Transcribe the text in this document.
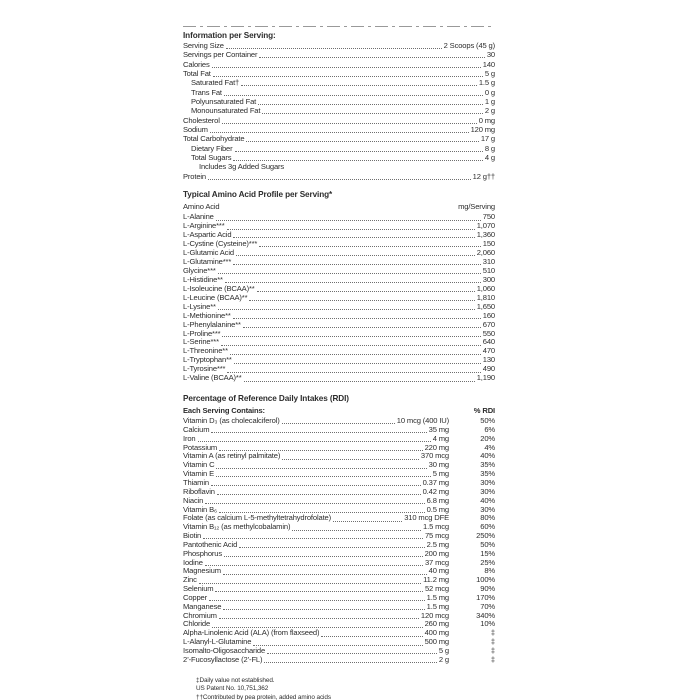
Information per Serving:
Serving Size	2 Scoops (45 g)
Servings per Container	30
Calories	140
Total Fat	5 g
Saturated Fat†	1.5 g
Trans Fat	0 g
Polyunsaturated Fat	1 g
Monounsaturated Fat	2 g
Cholesterol	0 mg
Sodium	120 mg
Total Carbohydrate	17 g
Dietary Fiber	8 g
Total Sugars	4 g
Includes 3g Added Sugars
Protein	12 g††
Typical Amino Acid Profile per Serving*
Amino Acid	mg/Serving
L-Alanine	750
L-Arginine***	1,070
L-Aspartic Acid	1,360
L-Cystine (Cysteine)***	150
L-Glutamic Acid	2,060
L-Glutamine***	310
Glycine***	510
L-Histidine**	300
L-Isoleucine (BCAA)**	1,060
L-Leucine (BCAA)**	1,810
L-Lysine**	1,650
L-Methionine**	160
L-Phenylalanine**	670
L-Proline***	550
L-Serine***	640
L-Threonine**	470
L-Tryptophan**	130
L-Tyrosine***	490
L-Valine (BCAA)**	1,190
Percentage of Reference Daily Intakes (RDI)
Each Serving Contains:	% RDI
Vitamin D₃ (as cholecalciferol)	10 mcg (400 IU)	50%
Calcium	35 mg	6%
Iron	4 mg	20%
Potassium	220 mg	4%
Vitamin A (as retinyl palmitate)	370 mcg	40%
Vitamin C	30 mg	35%
Vitamin E	5 mg	35%
Thiamin	0.37 mg	30%
Riboflavin	0.42 mg	30%
Niacin	6.8 mg	40%
Vitamin B₆	0.5 mg	30%
Folate (as calcium L-5-methyltetrahydrofolate)	310 mcg DFE	80%
Vitamin B₁₂ (as methylcobalamin)	1.5 mcg	60%
Biotin	75 mcg	250%
Pantothenic Acid	2.5 mg	50%
Phosphorus	200 mg	15%
Iodine	37 mcg	25%
Magnesium	40 mg	8%
Zinc	11.2 mg	100%
Selenium	52 mcg	90%
Copper	1.5 mg	170%
Manganese	1.5 mg	70%
Chromium	120 mcg	340%
Chloride	260 mg	10%
Alpha-Linolenic Acid (ALA) (from flaxseed)	400 mg	‡
L-Alanyl-L-Glutamine	500 mg	‡
Isomalto-Oligosaccharide	5 g	‡
2’-Fucosyllactose (2’-FL)	2 g	‡
‡Daily value not established.
US Patent No. 10,751,362
††Contributed by pea protein, added amino acids
